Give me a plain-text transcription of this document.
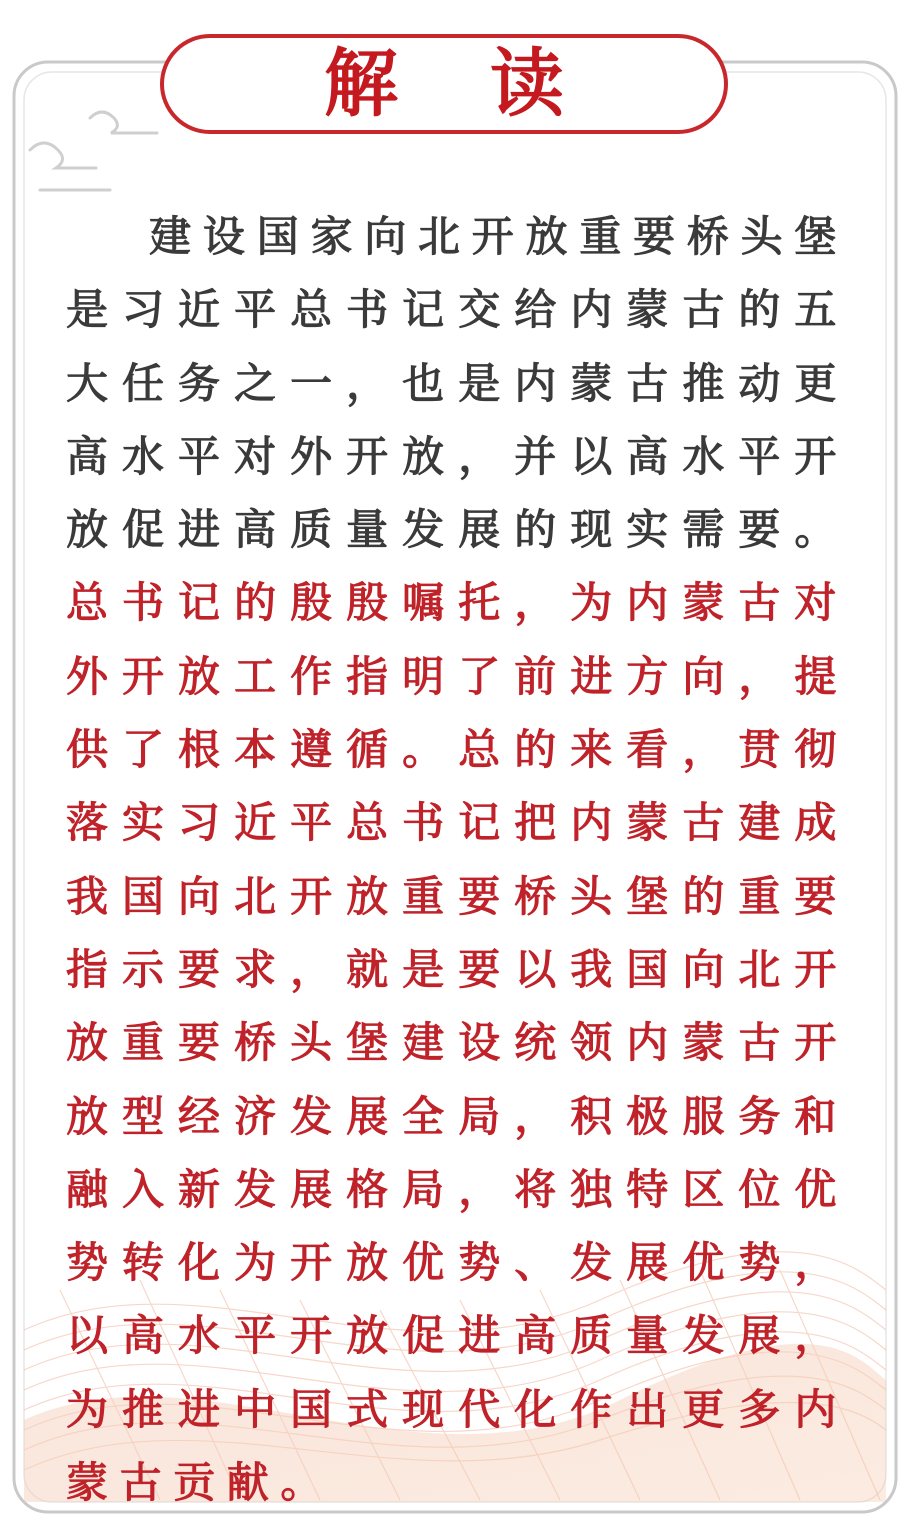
解读

建设国家向北开放重要桥头堡是习近平总书记交给内蒙古的五大任务之一，也是内蒙古推动更高水平对外开放，并以高水平开放促进高质量发展的现实需要。总书记的殷殷嘱托，为内蒙古对外开放工作指明了前进方向，提供了根本遵循。总的来看，贯彻落实习近平总书记把内蒙古建成我国向北开放重要桥头堡的重要指示要求，就是要以我国向北开放重要桥头堡建设统领内蒙古开放型经济发展全局，积极服务和融入新发展格局，将独特区位优势转化为开放优势、发展优势，以高水平开放促进高质量发展，为推进中国式现代化作出更多内蒙古贡献。
